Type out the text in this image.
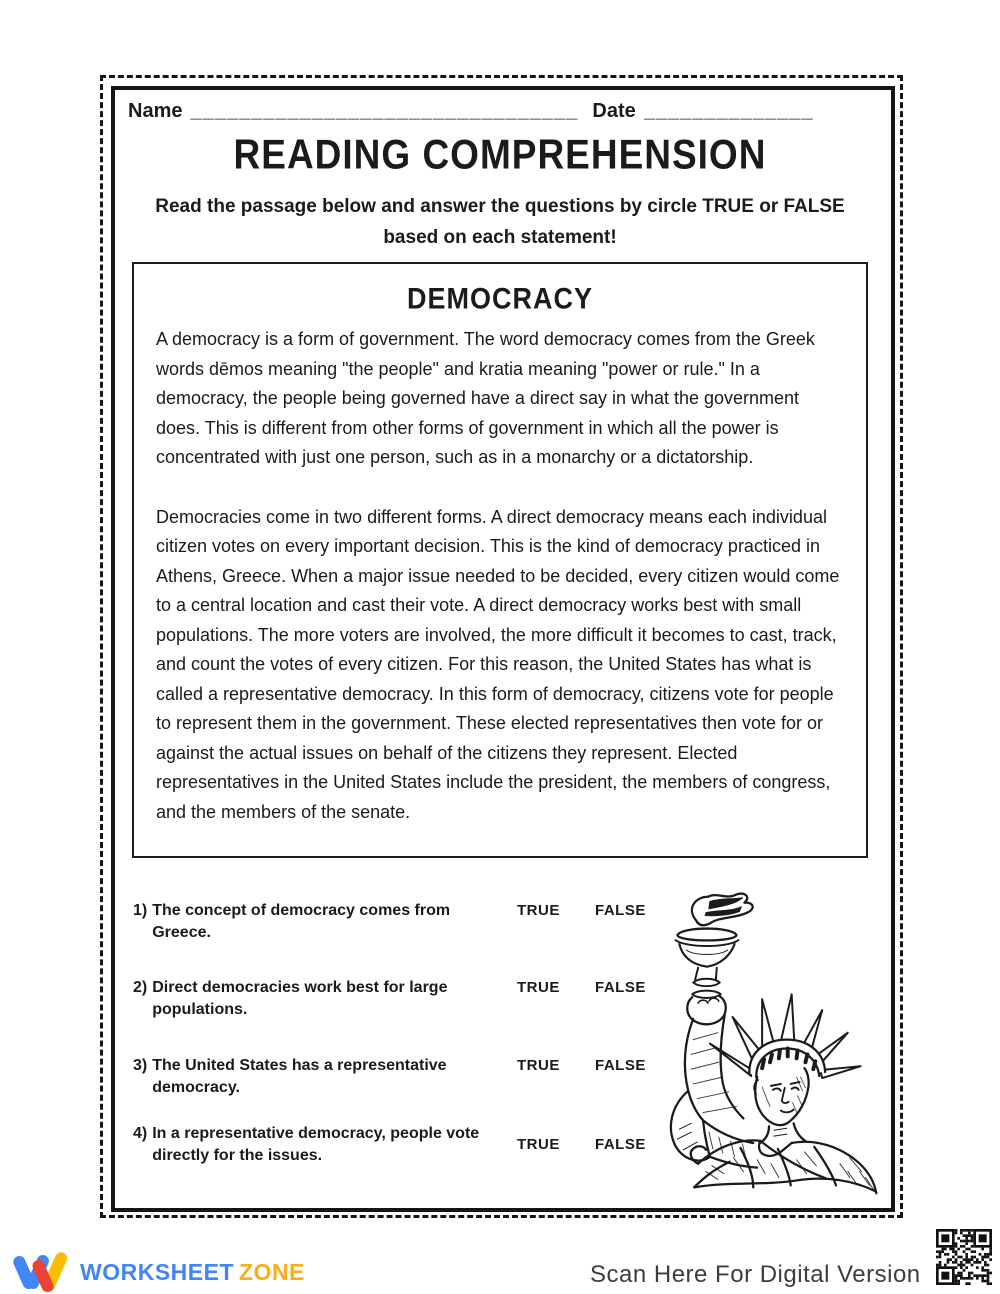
Name ________________________________ Date ______________
READING COMPREHENSION
Read the passage below and answer the questions by circle TRUE or FALSE
based on each statement!
DEMOCRACY

A democracy is a form of government. The word democracy comes from the Greek words dēmos meaning "the people" and kratia meaning "power or rule." In a democracy, the people being governed have a direct say in what the government does. This is different from other forms of government in which all the power is concentrated with just one person, such as in a monarchy or a dictatorship.

Democracies come in two different forms. A direct democracy means each individual citizen votes on every important decision. This is the kind of democracy practiced in Athens, Greece. When a major issue needed to be decided, every citizen would come to a central location and cast their vote. A direct democracy works best with small populations. The more voters are involved, the more difficult it becomes to cast, track, and count the votes of every citizen. For this reason, the United States has what is called a representative democracy. In this form of democracy, citizens vote for people to represent them in the government. These elected representatives then vote for or against the actual issues on behalf of the citizens they represent. Elected representatives in the United States include the president, the members of congress, and the members of the senate.

1) The concept of democracy comes from Greece.
TRUE FALSE
2) Direct democracies work best for large populations.
TRUE FALSE
3) The United States has a representative democracy.
TRUE FALSE
4) In a representative democracy, people vote directly for the issues.
TRUE FALSE
WORKSHEET ZONE	Scan Here For Digital Version
